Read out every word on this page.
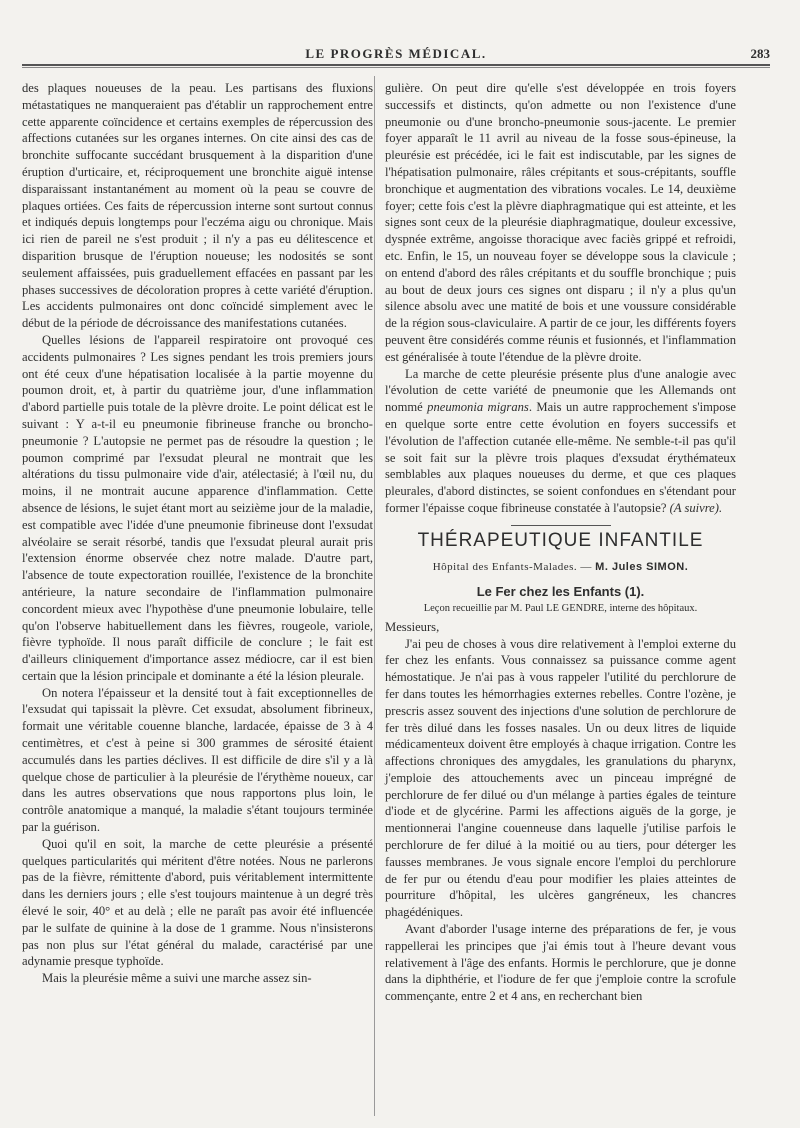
LE PROGRÈS MÉDICAL.	283

des plaques noueuses de la peau. Les partisans des fluxions métastatiques ne manqueraient pas d'établir un rapprochement entre cette apparente coïncidence et certains exemples de répercussion des affections cutanées sur les organes internes. On cite ainsi des cas de bronchite suffocante succédant brusquement à la disparition d'une éruption d'urticaire, et, réciproquement une bronchite aiguë intense disparaissant instantanément au moment où la peau se couvre de plaques ortiées. Ces faits de répercussion interne sont surtout connus et indiqués depuis longtemps pour l'eczéma aigu ou chronique. Mais ici rien de pareil ne s'est produit ; il n'y a pas eu délitescence et disparition brusque de l'éruption noueuse; les nodosités se sont seulement affaissées, puis graduellement effacées en passant par les phases successives de décoloration propres à cette variété d'éruption. Les accidents pulmonaires ont donc coïncidé simplement avec le début de la période de décroissance des manifestations cutanées.

Quelles lésions de l'appareil respiratoire ont provoqué ces accidents pulmonaires ? Les signes pendant les trois premiers jours ont été ceux d'une hépatisation localisée à la partie moyenne du poumon droit, et, à partir du quatrième jour, d'une inflammation d'abord partielle puis totale de la plèvre droite. Le point délicat est le suivant : Y a-t-il eu pneumonie fibrineuse franche ou broncho-pneumonie ? L'autopsie ne permet pas de résoudre la question ; le poumon comprimé par l'exsudat pleural ne montrait que les altérations du tissu pulmonaire vide d'air, atélectasié; à l'œil nu, du moins, il ne montrait aucune apparence d'inflammation. Cette absence de lésions, le sujet étant mort au seizième jour de la maladie, est compatible avec l'idée d'une pneumonie fibrineuse dont l'exsudat alvéolaire se serait résorbé, tandis que l'exsudat pleural aurait pris l'extension énorme observée chez notre malade. D'autre part, l'absence de toute expectoration rouillée, l'existence de la bronchite antérieure, la nature secondaire de l'inflammation pulmonaire concordent mieux avec l'hypothèse d'une pneumonie lobulaire, telle qu'on l'observe habituellement dans les fièvres, rougeole, variole, fièvre typhoïde. Il nous paraît difficile de conclure ; le fait est d'ailleurs cliniquement d'importance assez médiocre, car il est bien certain que la lésion principale et dominante a été la lésion pleurale.

On notera l'épaisseur et la densité tout à fait exceptionnelles de l'exsudat qui tapissait la plèvre. Cet exsudat, absolument fibrineux, formait une véritable couenne blanche, lardacée, épaisse de 3 à 4 centimètres, et c'est à peine si 300 grammes de sérosité étaient accumulés dans les parties déclives. Il est difficile de dire s'il y a là quelque chose de particulier à la pleurésie de l'érythème noueux, car dans les autres observations que nous rapportons plus loin, le contrôle anatomique a manqué, la maladie s'étant toujours terminée par la guérison.

Quoi qu'il en soit, la marche de cette pleurésie a présenté quelques particularités qui méritent d'être notées. Nous ne parlerons pas de la fièvre, rémittente d'abord, puis véritablement intermittente dans les derniers jours ; elle s'est toujours maintenue à un degré très élevé le soir, 40° et au delà ; elle ne paraît pas avoir été influencée par le sulfate de quinine à la dose de 1 gramme. Nous n'insisterons pas non plus sur l'état général du malade, caractérisé par une adynamie presque typhoïde.

Mais la pleurésie même a suivi une marche assez sin-

gulière. On peut dire qu'elle s'est développée en trois foyers successifs et distincts, qu'on admette ou non l'existence d'une pneumonie ou d'une broncho-pneumonie sous-jacente. Le premier foyer apparaît le 11 avril au niveau de la fosse sous-épineuse, la pleurésie est précédée, ici le fait est indiscutable, par les signes de l'hépatisation pulmonaire, râles crépitants et sous-crépitants, souffle bronchique et augmentation des vibrations vocales. Le 14, deuxième foyer; cette fois c'est la plèvre diaphragmatique qui est atteinte, et les signes sont ceux de la pleurésie diaphragmatique, douleur excessive, dyspnée extrême, angoisse thoracique avec faciès grippé et refroidi, etc. Enfin, le 15, un nouveau foyer se développe sous la clavicule ; on entend d'abord des râles crépitants et du souffle bronchique ; puis au bout de deux jours ces signes ont disparu ; il n'y a plus qu'un silence absolu avec une matité de bois et une voussure considérable de la région sous-claviculaire. A partir de ce jour, les différents foyers peuvent être considérés comme réunis et fusionnés, et l'inflammation est généralisée à toute l'étendue de la plèvre droite.

La marche de cette pleurésie présente plus d'une analogie avec l'évolution de cette variété de pneumonie que les Allemands ont nommé pneumonia migrans. Mais un autre rapprochement s'impose en quelque sorte entre cette évolution en foyers successifs et l'évolution de l'affection cutanée elle-même. Ne semble-t-il pas qu'il se soit fait sur la plèvre trois plaques d'exsudat érythémateux semblables aux plaques noueuses du derme, et que ces plaques pleurales, d'abord distinctes, se soient confondues en s'étendant pour former l'épaisse coque fibrineuse constatée à l'autopsie? (A suivre).

THÉRAPEUTIQUE INFANTILE
Hôpital des Enfants-Malades. — M. Jules SIMON.
Le Fer chez les Enfants (1).
Leçon recueillie par M. Paul LE GENDRE, interne des hôpitaux.

Messieurs,

J'ai peu de choses à vous dire relativement à l'emploi externe du fer chez les enfants. Vous connaissez sa puissance comme agent hémostatique. Je n'ai pas à vous rappeler l'utilité du perchlorure de fer dans toutes les hémorrhagies externes rebelles. Contre l'ozène, je prescris assez souvent des injections d'une solution de perchlorure de fer très dilué dans les fosses nasales. Un ou deux litres de liquide médicamenteux doivent être employés à chaque irrigation. Contre les affections chroniques des amygdales, les granulations du pharynx, j'emploie des attouchements avec un pinceau imprégné de perchlorure de fer dilué ou d'un mélange à parties égales de teinture d'iode et de glycérine. Parmi les affections aiguës de la gorge, je mentionnerai l'angine couenneuse dans laquelle j'utilise parfois le perchlorure de fer dilué à la moitié ou au tiers, pour déterger les fausses membranes. Je vous signale encore l'emploi du perchlorure de fer pur ou étendu d'eau pour modifier les plaies atteintes de pourriture d'hôpital, les ulcères gangréneux, les chancres phagédéniques.

Avant d'aborder l'usage interne des préparations de fer, je vous rappellerai les principes que j'ai émis tout à l'heure devant vous relativement à l'âge des enfants. Hormis le perchlorure, que je donne dans la diphthérie, et l'iodure de fer que j'emploie contre la scrofule commençante, entre 2 et 4 ans, en recherchant bien
